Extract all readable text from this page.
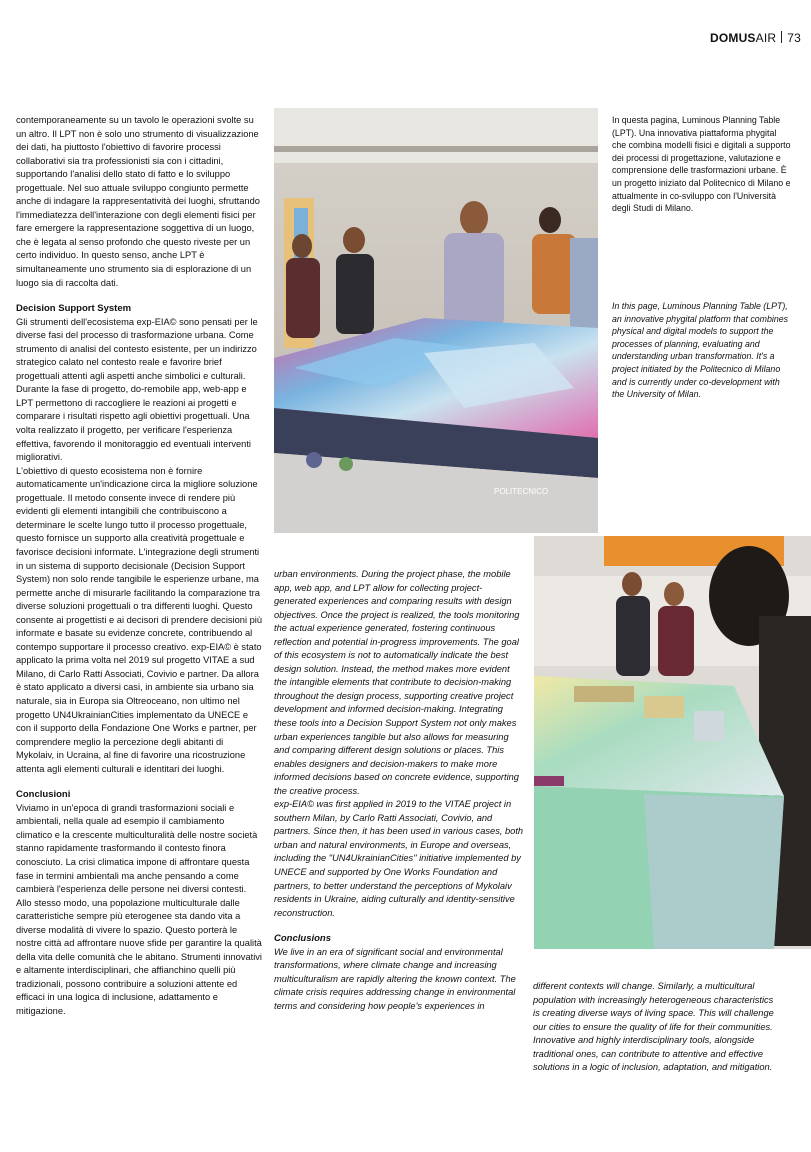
DOMUSAIR 73

contemporaneamente su un tavolo le operazioni svolte su un altro. Il LPT non è solo uno strumento di visualizzazione dei dati, ha piuttosto l'obiettivo di favorire processi collaborativi sia tra professionisti sia con i cittadini, supportando l'analisi dello stato di fatto e lo sviluppo progettuale. Nel suo attuale sviluppo congiunto permette anche di indagare la rappresentatività dei luoghi, sfruttando l'immediatezza dell'interazione con degli elementi fisici per fare emergere la rappresentazione soggettiva di un luogo, che è legata al senso profondo che questo riveste per un certo individuo. In questo senso, anche LPT è simultaneamente uno strumento sia di esplorazione di un luogo sia di raccolta dati.

Decision Support System

Gli strumenti dell'ecosistema exp-EIA© sono pensati per le diverse fasi del processo di trasformazione urbana. Come strumento di analisi del contesto esistente, per un indirizzo strategico calato nel contesto reale e favorire brief progettuali attenti agli aspetti anche simbolici e culturali. Durante la fase di progetto, do-remobile app, web-app e LPT permettono di raccogliere le reazioni ai progetti e comparare i risultati rispetto agli obiettivi progettuali. Una volta realizzato il progetto, per verificare l'esperienza effettiva, favorendo il monitoraggio ed eventuali interventi migliorativi.

L'obiettivo di questo ecosistema non è fornire automaticamente un'indicazione circa la migliore soluzione progettuale. Il metodo consente invece di rendere più evidenti gli elementi intangibili che contribuiscono a determinare le scelte lungo tutto il processo progettuale, questo fornisce un supporto alla creatività progettuale e favorisce decisioni informate. L'integrazione degli strumenti in un sistema di supporto decisionale (Decision Support System) non solo rende tangibile le esperienze urbane, ma permette anche di misurarle facilitando la comparazione tra diverse soluzioni progettuali o tra differenti luoghi. Questo consente ai progettisti e ai decisori di prendere decisioni più informate e basate su evidenze concrete, contribuendo al contempo supportare il processo creativo. exp-EIA© è stato applicato la prima volta nel 2019 sul progetto VITAE a sud Milano, di Carlo Ratti Associati, Covivio e partner. Da allora è stato applicato a diversi casi, in ambiente sia urbano sia naturale, sia in Europa sia Oltreoceano, non ultimo nel progetto UN4UkrainianCities implementato da UNECE e con il supporto della Fondazione One Works e partner, per comprendere meglio la percezione degli abitanti di Mykolaiv, in Ucraina, al fine di favorire una ricostruzione attenta agli elementi culturali e identitari dei luoghi.

Conclusioni

Viviamo in un'epoca di grandi trasformazioni sociali e ambientali, nella quale ad esempio il cambiamento climatico e la crescente multiculturalità delle nostre società stanno rapidamente trasformando il contesto finora conosciuto. La crisi climatica impone di affrontare questa fase in termini ambientali ma anche pensando a come cambierà l'esperienza delle persone nei diversi contesti. Allo stesso modo, una popolazione multiculturale dalle caratteristiche sempre più eterogenee sta dando vita a diverse modalità di vivere lo spazio. Questo porterà le nostre città ad affrontare nuove sfide per garantire la qualità della vita delle comunità che le abitano. Strumenti innovativi e altamente interdisciplinari, che affianchino quelli più tradizionali, possono contribuire a soluzioni attente ed efficaci in una logica di inclusione, adattamento e mitigazione.

POLITECNICO

In questa pagina, Luminous Planning Table (LPT). Una innovativa piattaforma phygital che combina modelli fisici e digitali a supporto dei processi di progettazione, valutazione e comprensione delle trasformazioni urbane. È un progetto iniziato dal Politecnico di Milano e attualmente in co-sviluppo con l'Università degli Studi di Milano.

In this page, Luminous Planning Table (LPT), an innovative phygital platform that combines physical and digital models to support the processes of planning, evaluating and understanding urban transformation. It's a project initiated by the Politecnico di Milano and is currently under co-development with the University of Milan.

urban environments. During the project phase, the mobile app, web app, and LPT allow for collecting project-generated experiences and comparing results with design objectives. Once the project is realized, the tools monitoring the actual experience generated, fostering continuous reflection and potential in-progress improvements. The goal of this ecosystem is not to automatically indicate the best design solution. Instead, the method makes more evident the intangible elements that contribute to decision-making throughout the design process, supporting creative project development and informed decision-making. Integrating these tools into a Decision Support System not only makes urban experiences tangible but also allows for measuring and comparing different design solutions or places. This enables designers and decision-makers to make more informed decisions based on concrete evidence, supporting the creative process.

exp-EIA© was first applied in 2019 to the VITAE project in southern Milan, by Carlo Ratti Associati, Covivio, and partners. Since then, it has been used in various cases, both urban and natural environments, in Europe and overseas, including the "UN4UkrainianCities" initiative implemented by UNECE and supported by One Works Foundation and partners, to better understand the perceptions of Mykolaiv residents in Ukraine, aiding culturally and identity-sensitive reconstruction.

Conclusions

We live in an era of significant social and environmental transformations, where climate change and increasing multiculturalism are rapidly altering the known context. The climate crisis requires addressing change in environmental terms and considering how people's experiences in

different contexts will change. Similarly, a multicultural population with increasingly heterogeneous characteristics is creating diverse ways of living space. This will challenge our cities to ensure the quality of life for their communities. Innovative and highly interdisciplinary tools, alongside traditional ones, can contribute to attentive and effective solutions in a logic of inclusion, adaptation, and mitigation.
